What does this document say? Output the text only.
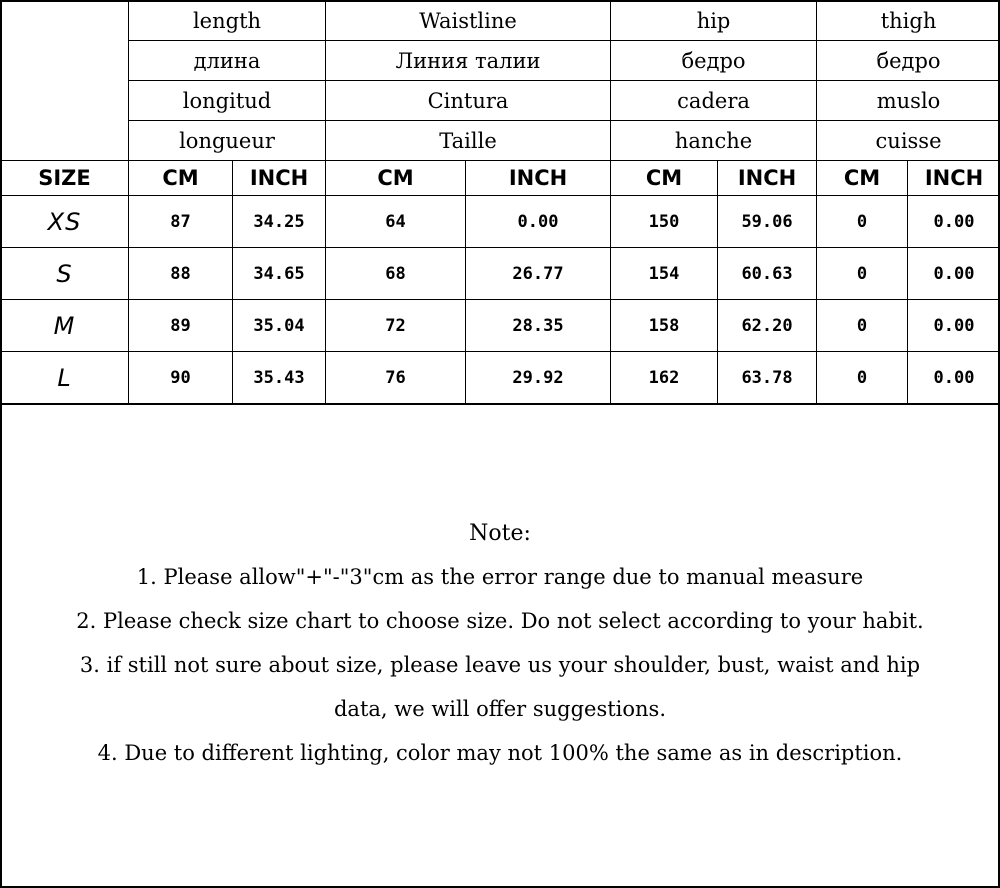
	length		Waistline		hip		thigh	
	длина		Линия талии		бедро		бедро	
	longitud		Cintura		cadera		muslo	
	longueur		Taille		hanche		cuisse	
SIZE	CM	INCH	CM	INCH	CM	INCH	CM	INCH
XS	87	34.25	64	0.00	150	59.06	0	0.00
S	88	34.65	68	26.77	154	60.63	0	0.00
M	89	35.04	72	28.35	158	62.20	0	0.00
L	90	35.43	76	29.92	162	63.78	0	0.00
Note:
1. Please allow"+"-"3"cm as the error range due to manual measure
2. Please check size chart to choose size. Do not select according to your habit.
3. if still not sure about size, please leave us your shoulder, bust, waist and hip
data, we will offer suggestions.
4. Due to different lighting, color may not 100% the same as in description.
